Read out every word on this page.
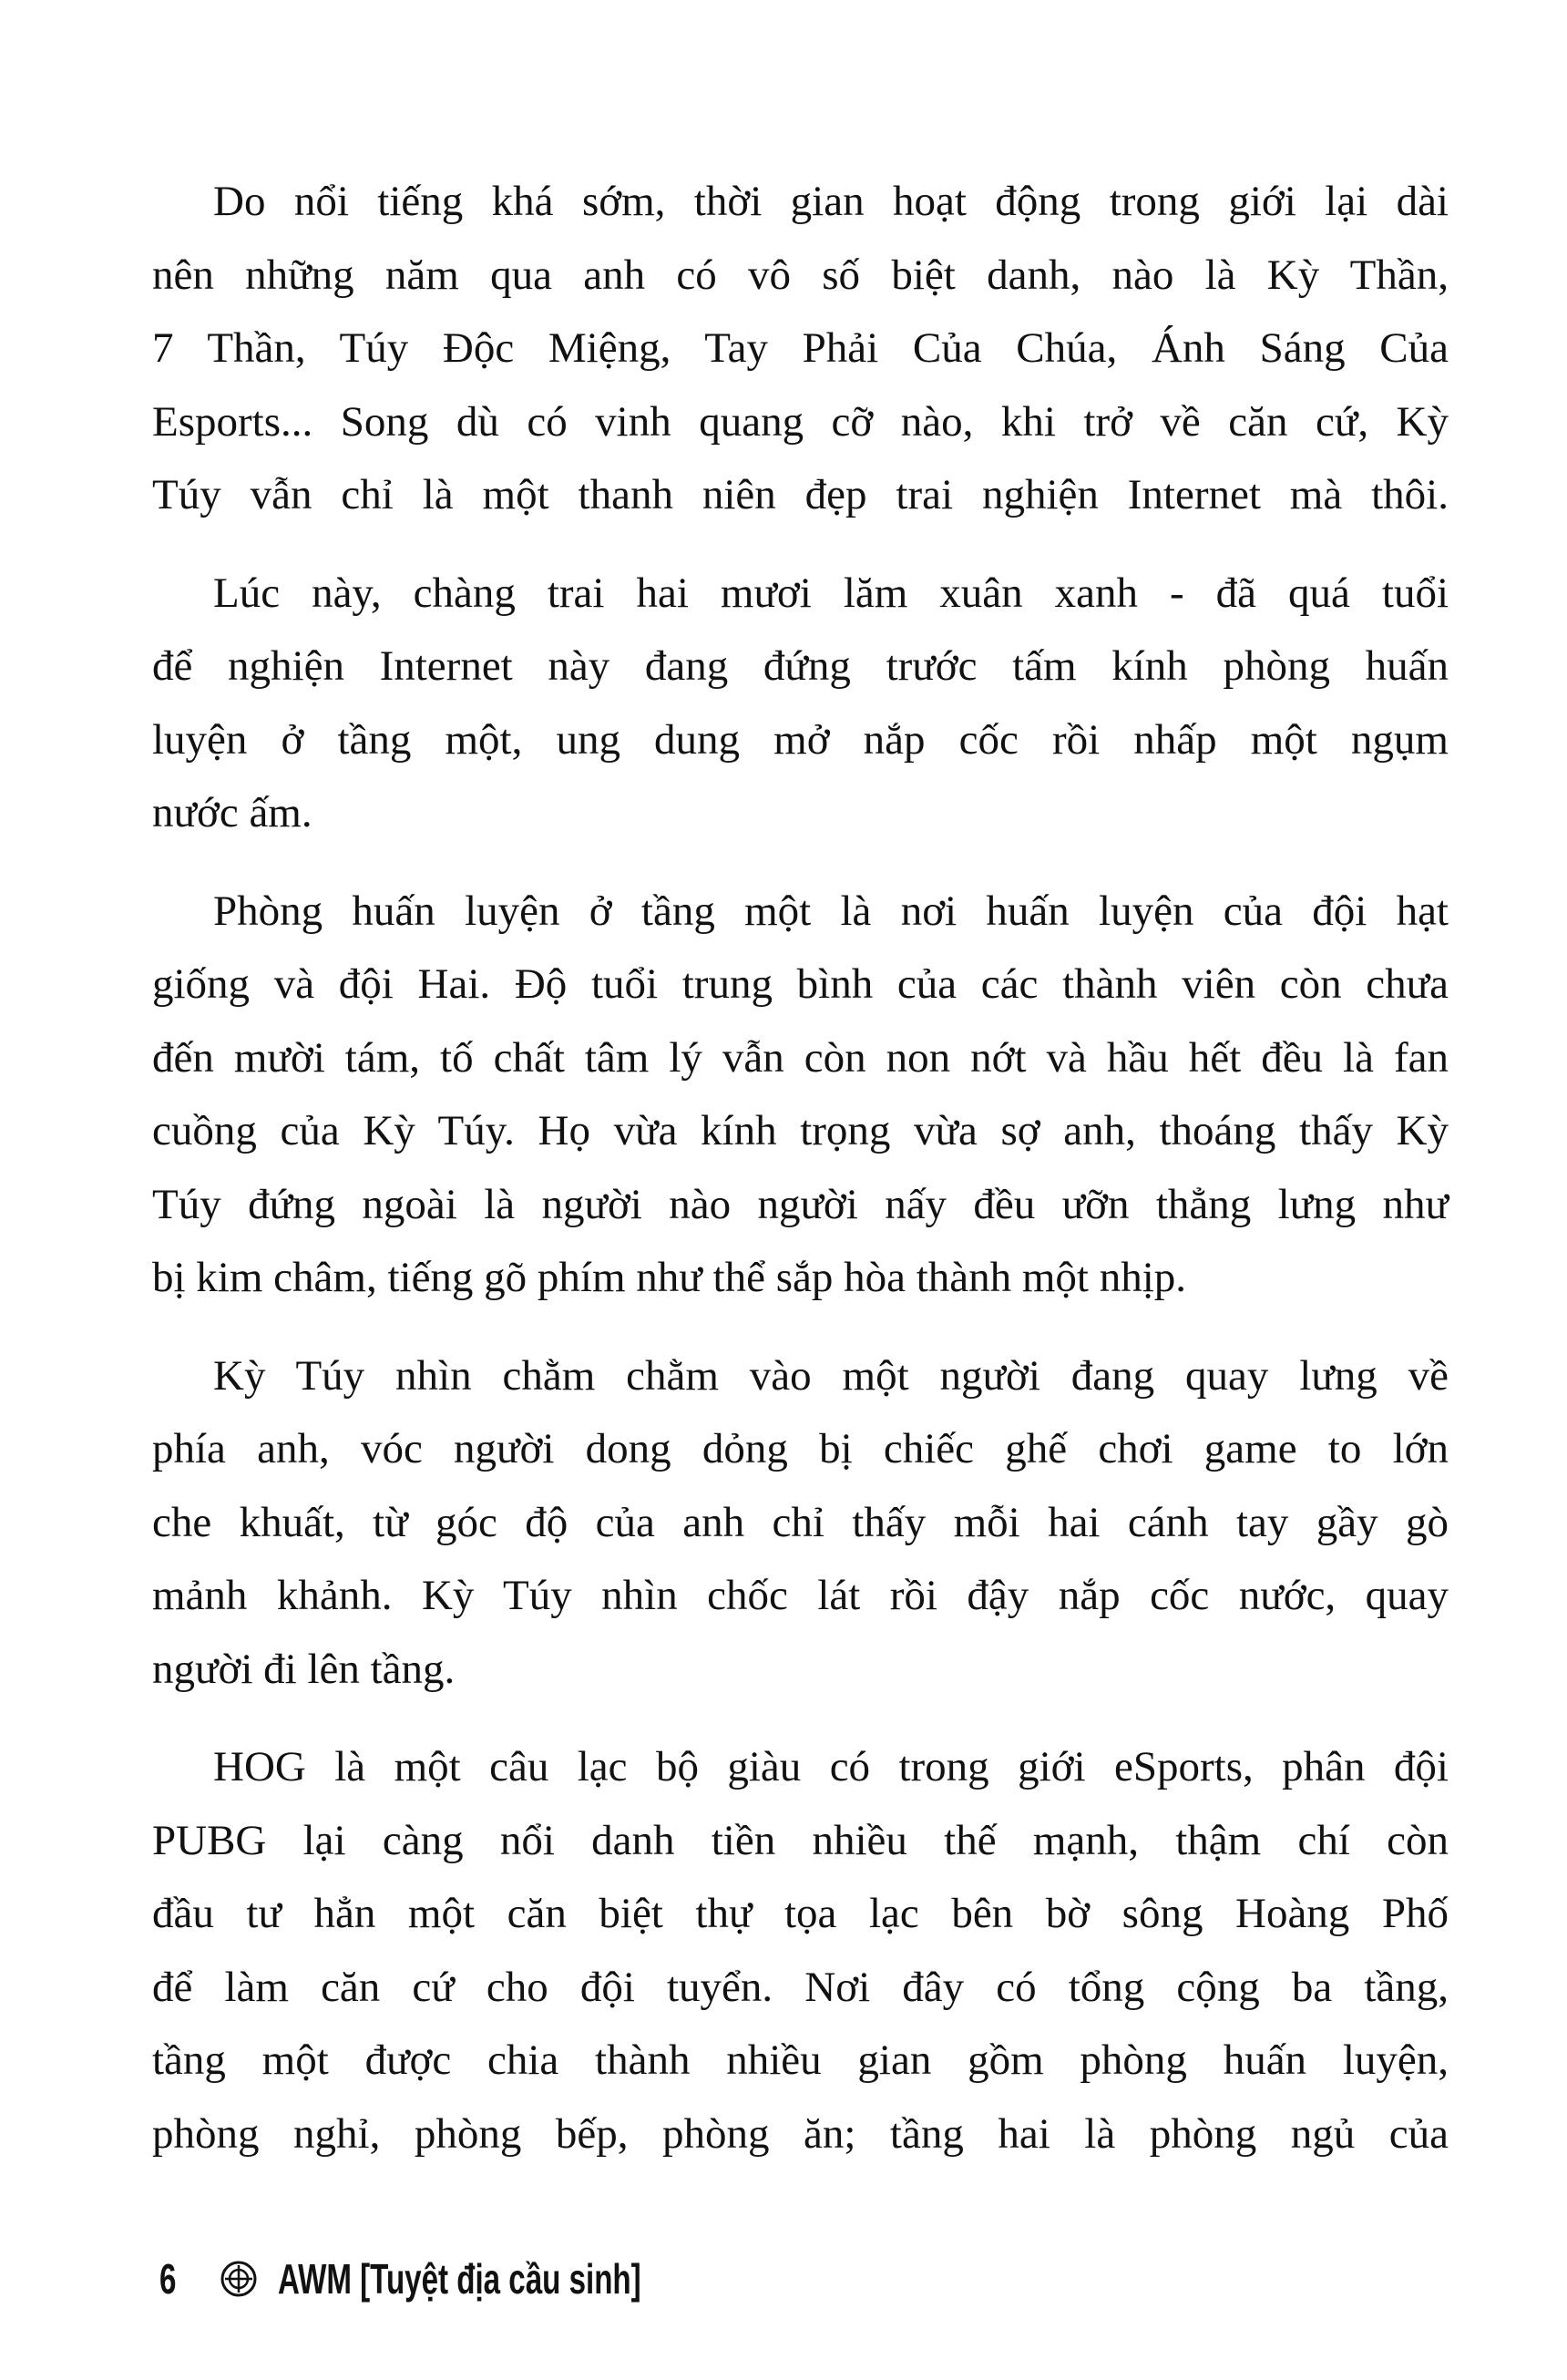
Do nổi tiếng khá sớm, thời gian hoạt động trong giới lại dài
nên những năm qua anh có vô số biệt danh, nào là Kỳ Thần,
7 Thần, Túy Độc Miệng, Tay Phải Của Chúa, Ánh Sáng Của
Esports... Song dù có vinh quang cỡ nào, khi trở về căn cứ, Kỳ
Túy vẫn chỉ là một thanh niên đẹp trai nghiện Internet mà thôi.
Lúc này, chàng trai hai mươi lăm xuân xanh - đã quá tuổi
để nghiện Internet này đang đứng trước tấm kính phòng huấn
luyện ở tầng một, ung dung mở nắp cốc rồi nhấp một ngụm
nước ấm.
Phòng huấn luyện ở tầng một là nơi huấn luyện của đội hạt
giống và đội Hai. Độ tuổi trung bình của các thành viên còn chưa
đến mười tám, tố chất tâm lý vẫn còn non nớt và hầu hết đều là fan
cuồng của Kỳ Túy. Họ vừa kính trọng vừa sợ anh, thoáng thấy Kỳ
Túy đứng ngoài là người nào người nấy đều ưỡn thẳng lưng như
bị kim châm, tiếng gõ phím như thể sắp hòa thành một nhịp.
Kỳ Túy nhìn chằm chằm vào một người đang quay lưng về
phía anh, vóc người dong dỏng bị chiếc ghế chơi game to lớn
che khuất, từ góc độ của anh chỉ thấy mỗi hai cánh tay gầy gò
mảnh khảnh. Kỳ Túy nhìn chốc lát rồi đậy nắp cốc nước, quay
người đi lên tầng.
HOG là một câu lạc bộ giàu có trong giới eSports, phân đội
PUBG lại càng nổi danh tiền nhiều thế mạnh, thậm chí còn
đầu tư hẳn một căn biệt thự tọa lạc bên bờ sông Hoàng Phố
để làm căn cứ cho đội tuyển. Nơi đây có tổng cộng ba tầng,
tầng một được chia thành nhiều gian gồm phòng huấn luyện,
phòng nghỉ, phòng bếp, phòng ăn; tầng hai là phòng ngủ của
6	AWM [Tuyệt địa cầu sinh]
